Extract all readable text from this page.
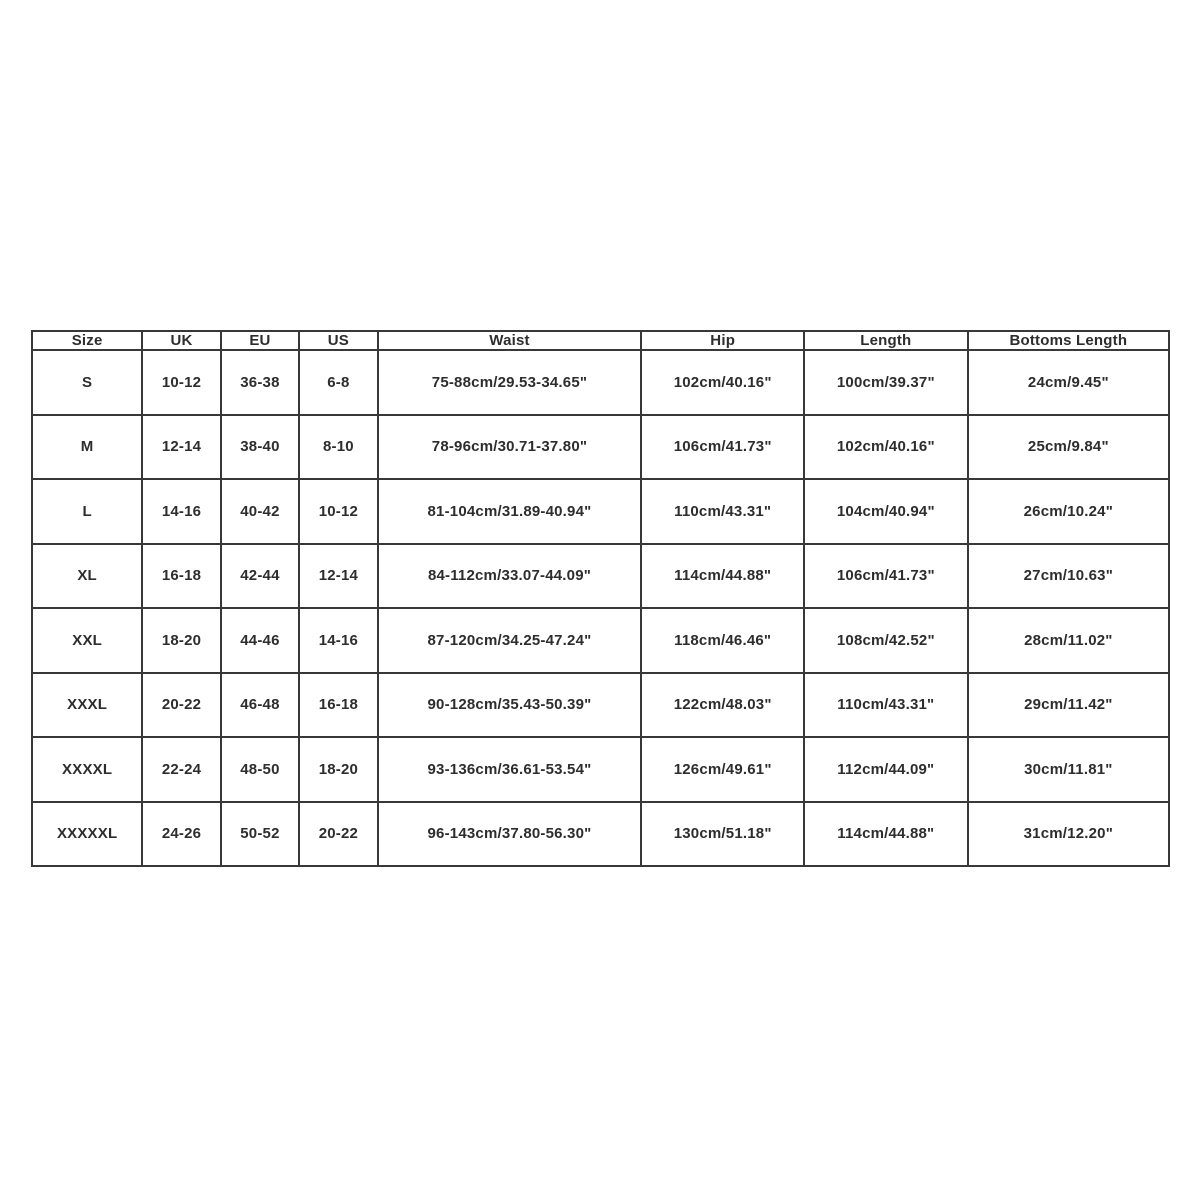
Size	UK	EU	US	Waist	Hip	Length	Bottoms Length
S	10-12	36-38	6-8	75-88cm/29.53-34.65"	102cm/40.16"	100cm/39.37"	24cm/9.45"
M	12-14	38-40	8-10	78-96cm/30.71-37.80"	106cm/41.73"	102cm/40.16"	25cm/9.84"
L	14-16	40-42	10-12	81-104cm/31.89-40.94"	110cm/43.31"	104cm/40.94"	26cm/10.24"
XL	16-18	42-44	12-14	84-112cm/33.07-44.09"	114cm/44.88"	106cm/41.73"	27cm/10.63"
XXL	18-20	44-46	14-16	87-120cm/34.25-47.24"	118cm/46.46"	108cm/42.52"	28cm/11.02"
XXXL	20-22	46-48	16-18	90-128cm/35.43-50.39"	122cm/48.03"	110cm/43.31"	29cm/11.42"
XXXXL	22-24	48-50	18-20	93-136cm/36.61-53.54"	126cm/49.61"	112cm/44.09"	30cm/11.81"
XXXXXL	24-26	50-52	20-22	96-143cm/37.80-56.30"	130cm/51.18"	114cm/44.88"	31cm/12.20"
